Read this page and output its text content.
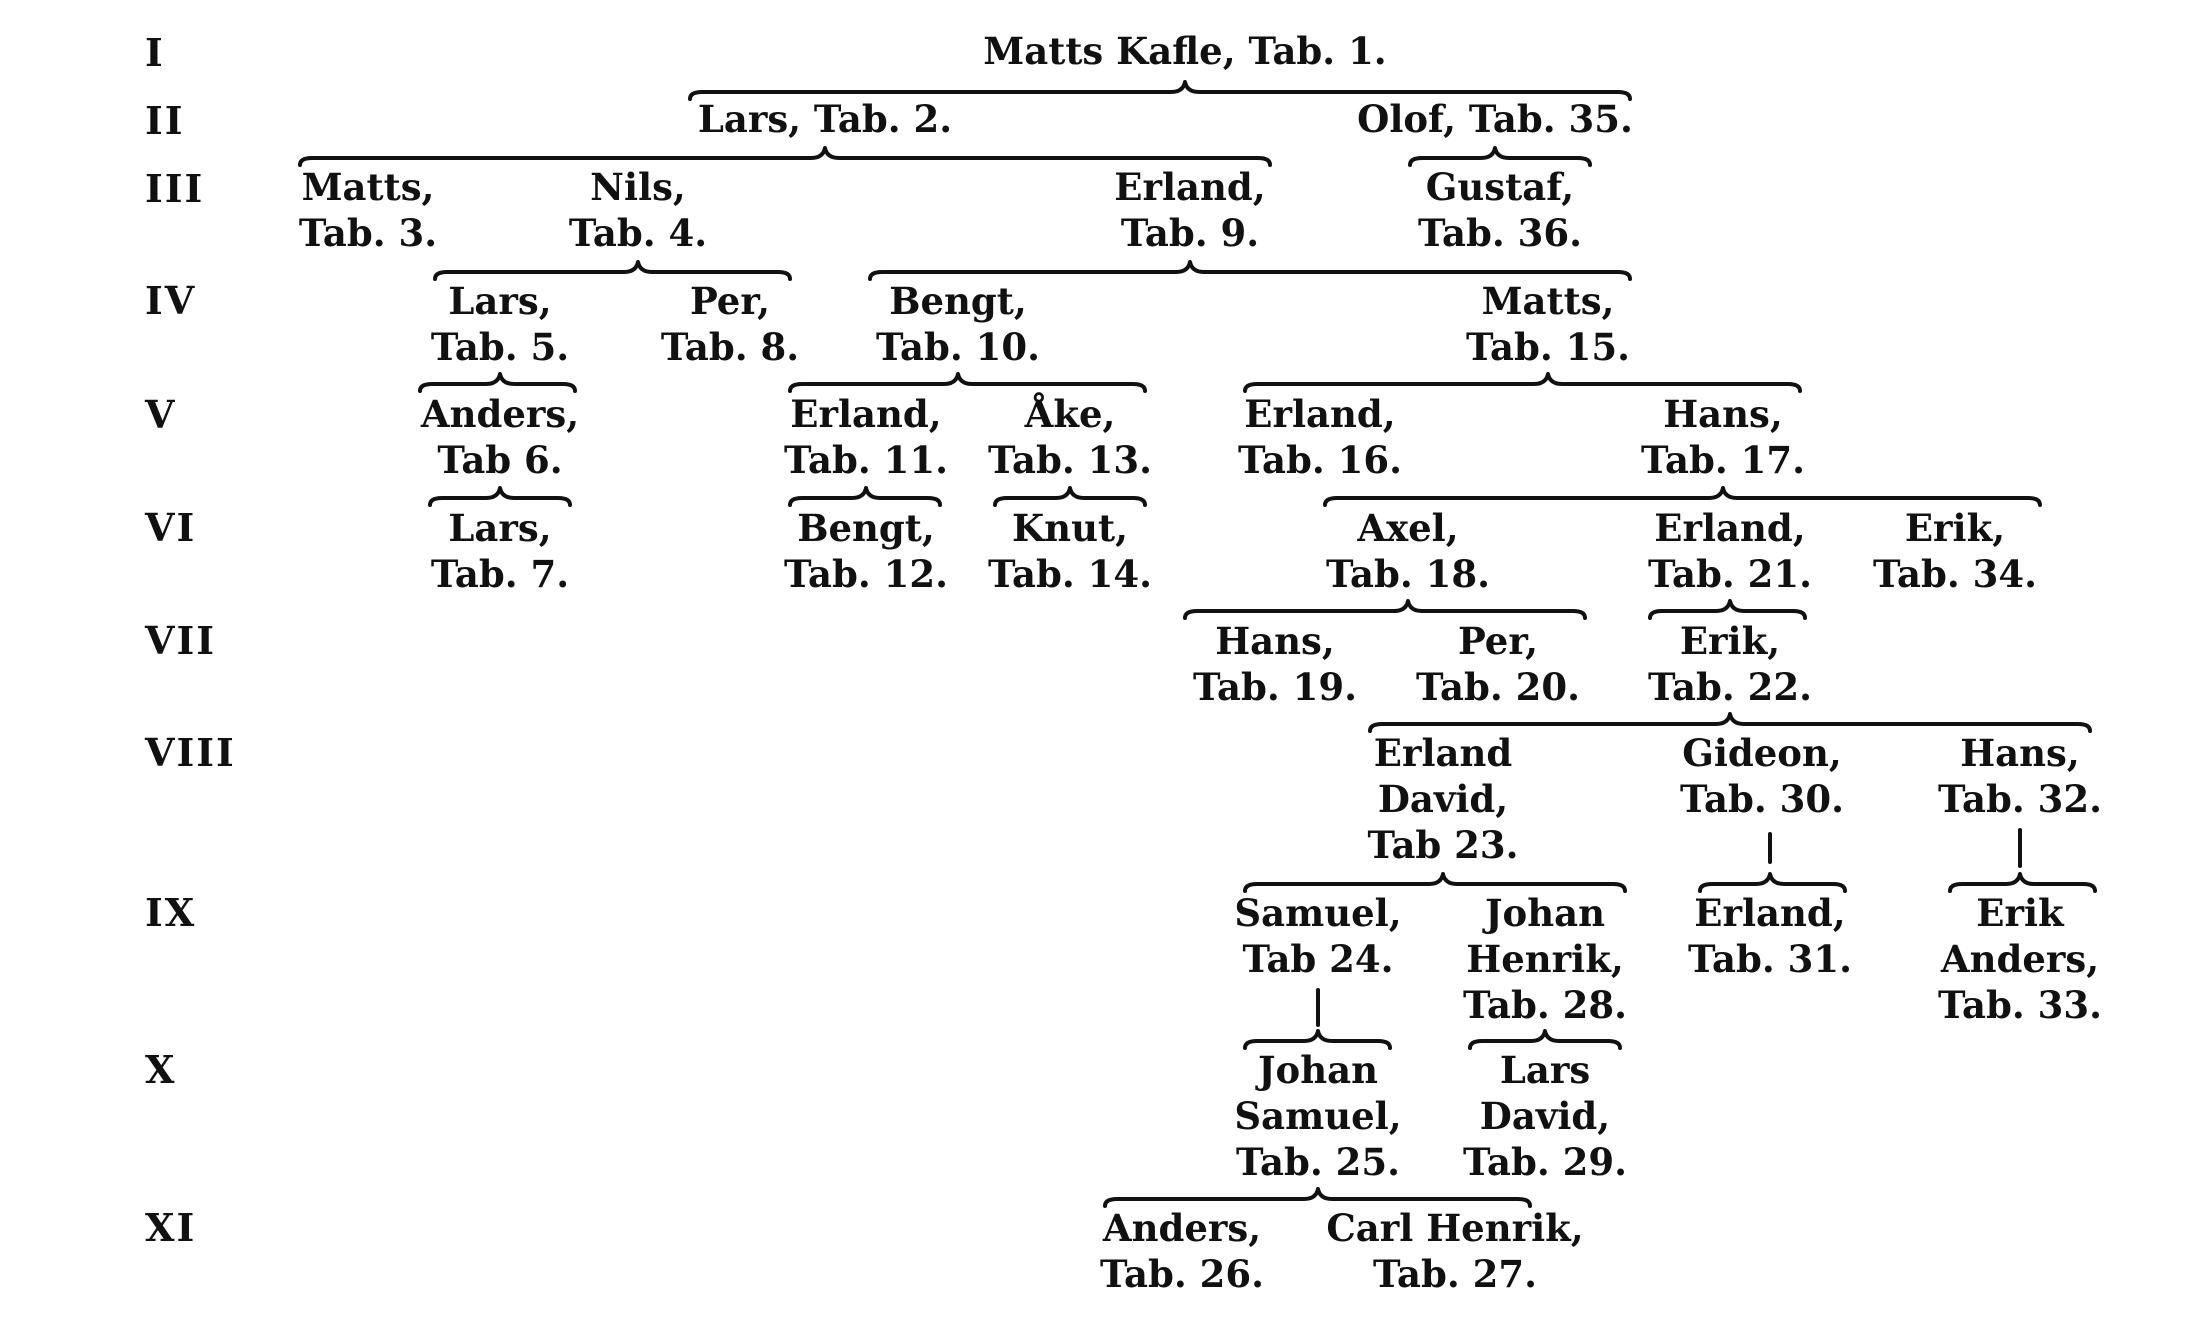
I
II
III
IV
V
VI
VII
VIII
IX
X
XI
Matts Kafle, Tab. 1.
Lars, Tab. 2.	Olof, Tab. 35.
Matts,
Tab. 3.
Nils,
Tab. 4.
Erland,
Tab. 9.
Gustaf,
Tab. 36.
Lars,
Tab. 5.
Per,
Tab. 8.
Bengt,
Tab. 10.
Matts,
Tab. 15.
Anders,
Tab 6.
Erland,
Tab. 11.
Åke,
Tab. 13.
Erland,
Tab. 16.
Hans,
Tab. 17.
Lars,
Tab. 7.
Bengt,
Tab. 12.
Knut,
Tab. 14.
Axel,
Tab. 18.
Erland,
Tab. 21.
Erik,
Tab. 34.
Hans,
Tab. 19.
Per,
Tab. 20.
Erik,
Tab. 22.
Erland
David,
Tab 23.
Gideon,
Tab. 30.
Hans,
Tab. 32.
Samuel,
Tab 24.
Johan
Henrik,
Tab. 28.
Erland,
Tab. 31.
Erik
Anders,
Tab. 33.
Johan
Samuel,
Tab. 25.
Lars
David,
Tab. 29.
Anders,
Tab. 26.
Carl Henrik,
Tab. 27.
